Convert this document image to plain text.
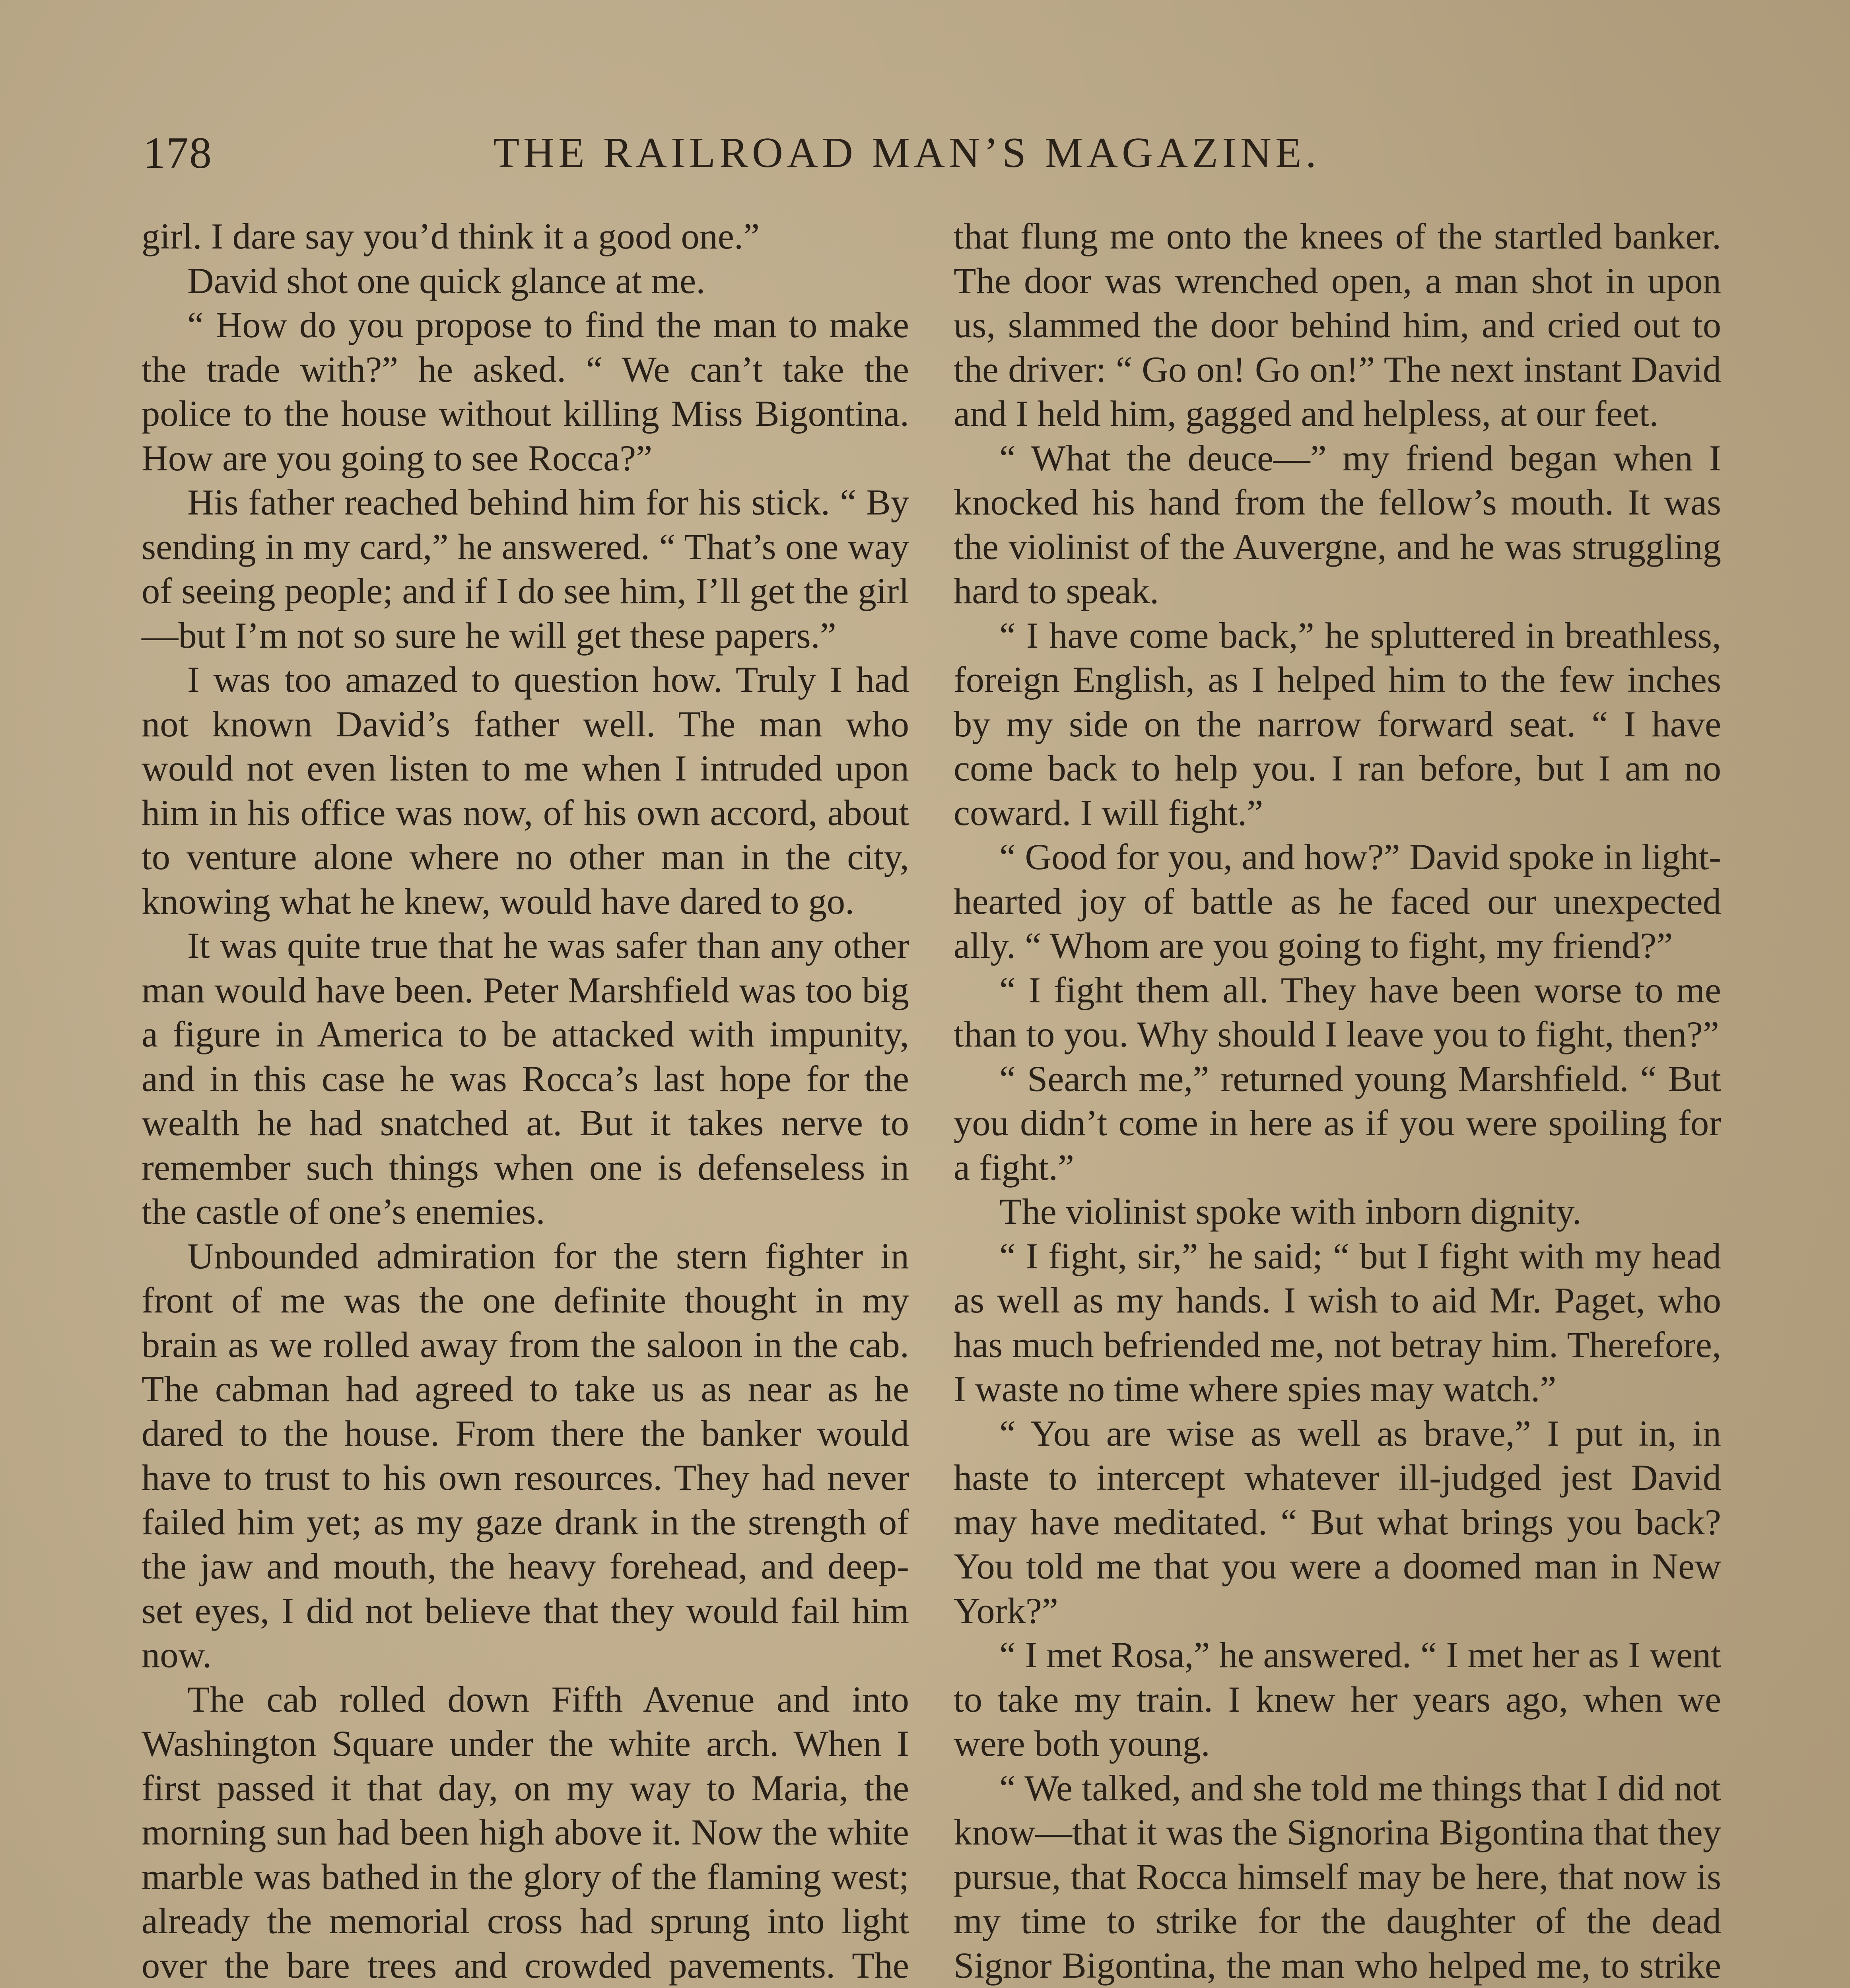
178	THE RAILROAD MAN’S MAGAZINE.

girl. I dare say you’d think it a good one.”

David shot one quick glance at me.

“ How do you propose to find the man to make the trade with?” he asked. “ We can’t take the police to the house without killing Miss Bigontina. How are you going to see Rocca?”

His father reached behind him for his stick. “ By sending in my card,” he answered. “ That’s one way of seeing people; and if I do see him, I’ll get the girl —but I’m not so sure he will get these papers.”

I was too amazed to question how. Truly I had not known David’s father well. The man who would not even listen to me when I intruded upon him in his office was now, of his own accord, about to venture alone where no other man in the city, knowing what he knew, would have dared to go.

It was quite true that he was safer than any other man would have been. Peter Marshfield was too big a figure in America to be attacked with impunity, and in this case he was Rocca’s last hope for the wealth he had snatched at. But it takes nerve to remember such things when one is defenseless in the castle of one’s enemies.

Unbounded admiration for the stern fighter in front of me was the one definite thought in my brain as we rolled away from the saloon in the cab. The cabman had agreed to take us as near as he dared to the house. From there the banker would have to trust to his own resources. They had never failed him yet; as my gaze drank in the strength of the jaw and mouth, the heavy forehead, and deep-set eyes, I did not believe that they would fail him now.

The cab rolled down Fifth Avenue and into Washington Square under the white arch. When I first passed it that day, on my way to Maria, the morning sun had been high above it. Now the white marble was bathed in the glory of the flaming west; already the memorial cross had sprung into light over the bare trees and crowded pavements. The

that flung me onto the knees of the startled banker. The door was wrenched open, a man shot in upon us, slammed the door behind him, and cried out to the driver: “ Go on! Go on!” The next instant David and I held him, gagged and helpless, at our feet.

“ What the deuce—” my friend began when I knocked his hand from the fellow’s mouth. It was the violinist of the Auvergne, and he was struggling hard to speak.

“ I have come back,” he spluttered in breathless, foreign English, as I helped him to the few inches by my side on the narrow forward seat. “ I have come back to help you. I ran before, but I am no coward. I will fight.”

“ Good for you, and how?” David spoke in light-hearted joy of battle as he faced our unexpected ally. “ Whom are you going to fight, my friend?”

“ I fight them all. They have been worse to me than to you. Why should I leave you to fight, then?”

“ Search me,” returned young Marshfield. “ But you didn’t come in here as if you were spoiling for a fight.”

The violinist spoke with inborn dignity.

“ I fight, sir,” he said; “ but I fight with my head as well as my hands. I wish to aid Mr. Paget, who has much befriended me, not betray him. Therefore, I waste no time where spies may watch.”

“ You are wise as well as brave,” I put in, in haste to intercept whatever ill-judged jest David may have meditated. “ But what brings you back? You told me that you were a doomed man in New York?”

“ I met Rosa,” he answered. “ I met her as I went to take my train. I knew her years ago, when we were both young.

“ We talked, and she told me things that I did not know—that it was the Signorina Bigontina that they pursue, that Rocca himself may be here, that now is my time to strike for the daughter of the dead Signor Bigontina, the man who helped me, to strike
